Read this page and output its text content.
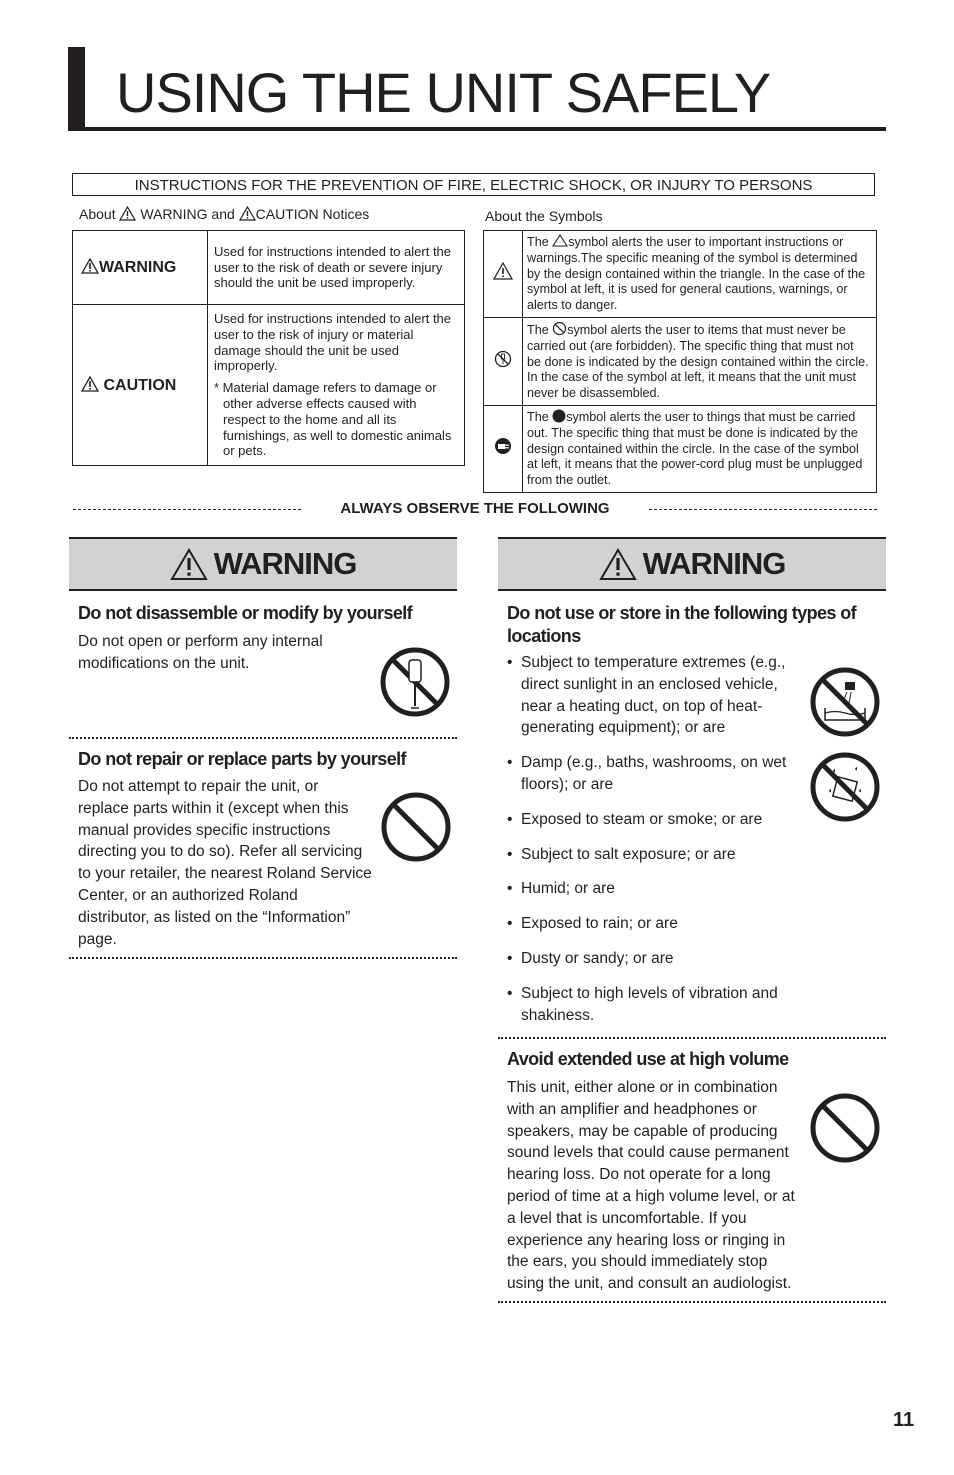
USING THE UNIT SAFELY
INSTRUCTIONS FOR THE PREVENTION OF FIRE, ELECTRIC SHOCK, OR INJURY TO PERSONS
About WARNING and CAUTION Notices
WARNING	Used for instructions intended to alert the user to the risk of death or severe injury should the unit be used improperly.
CAUTION	Used for instructions intended to alert the user to the risk of injury or material damage should the unit be used improperly.
* Material damage refers to damage or other adverse effects caused with respect to the home and all its furnishings, as well to domestic animals or pets.
About the Symbols
	The symbol alerts the user to important instructions or warnings.The specific meaning of the symbol is determined by the design contained within the triangle. In the case of the symbol at left, it is used for general cautions, warnings, or alerts to danger.
	The symbol alerts the user to items that must never be carried out (are forbidden). The specific thing that must not be done is indicated by the design contained within the circle. In the case of the symbol at left, it means that the unit must never be disassembled.
	The symbol alerts the user to things that must be carried out. The specific thing that must be done is indicated by the design contained within the circle. In the case of the symbol at left, it means that the power-cord plug must be unplugged from the outlet.
ALWAYS OBSERVE THE FOLLOWING
WARNING
Do not disassemble or modify by yourself
Do not open or perform any internal modifications on the unit.
Do not repair or replace parts by yourself
Do not attempt to repair the unit, or replace parts within it (except when this manual provides specific instructions directing you to do so). Refer all servicing to your retailer, the nearest Roland Service Center, or an authorized Roland distributor, as listed on the “Information” page.
WARNING
Do not use or store in the following types of locations
• Subject to temperature extremes (e.g., direct sunlight in an enclosed vehicle, near a heating duct, on top of heat-generating equipment); or are
• Damp (e.g., baths, washrooms, on wet floors); or are
• Exposed to steam or smoke; or are
• Subject to salt exposure; or are
• Humid; or are
• Exposed to rain; or are
• Dusty or sandy; or are
• Subject to high levels of vibration and shakiness.
Avoid extended use at high volume
This unit, either alone or in combination with an amplifier and headphones or speakers, may be capable of producing sound levels that could cause permanent hearing loss. Do not operate for a long period of time at a high volume level, or at a level that is uncomfortable. If you experience any hearing loss or ringing in the ears, you should immediately stop using the unit, and consult an audiologist.
11
